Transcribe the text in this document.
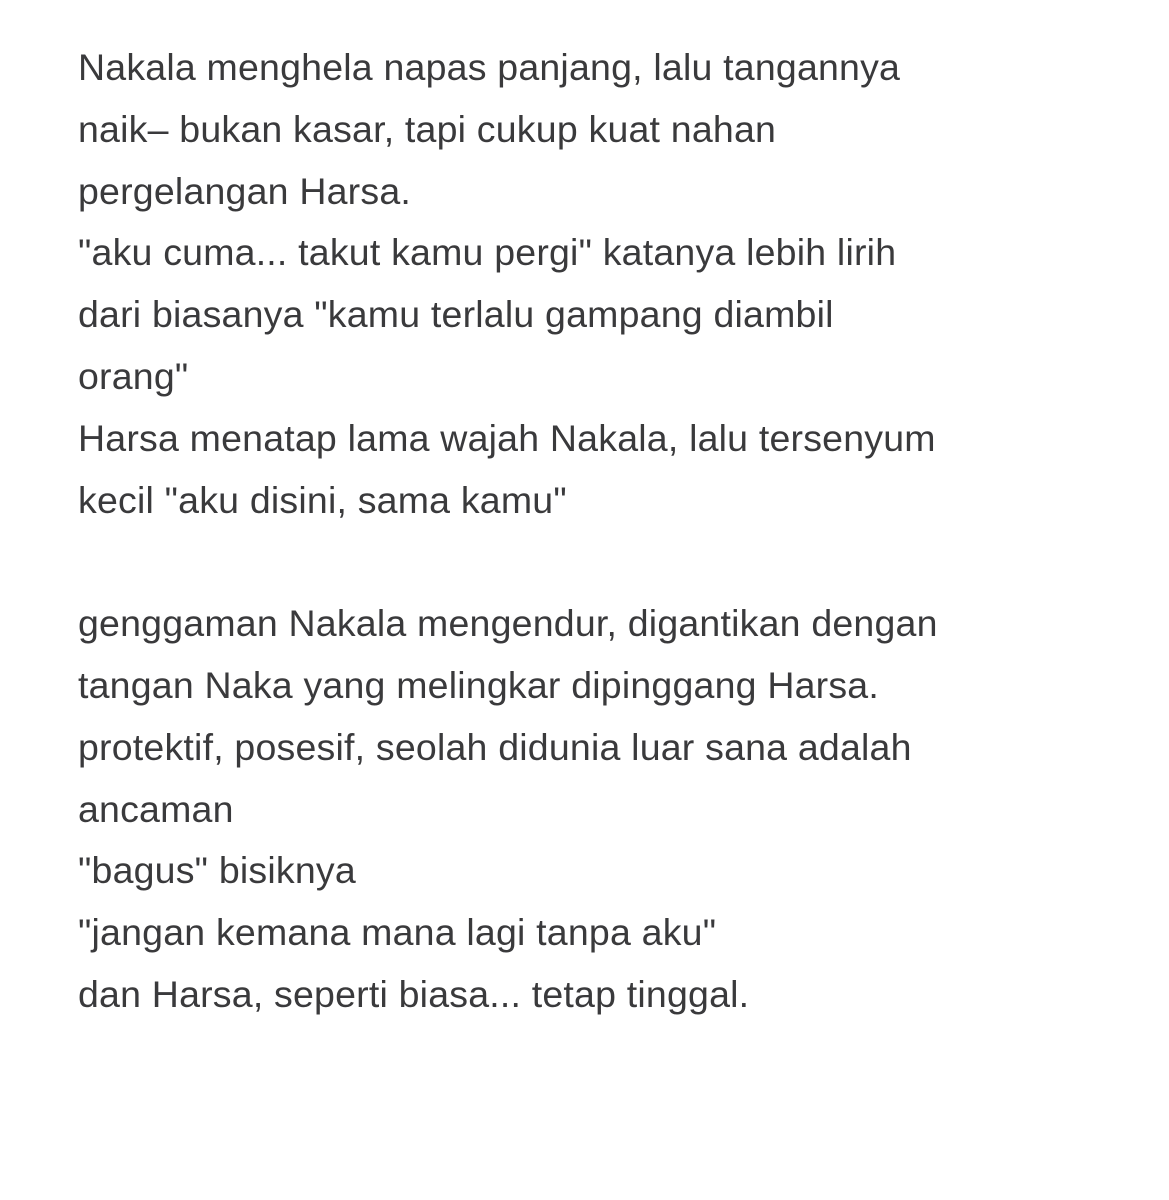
Nakala menghela napas panjang, lalu tangannya
naik– bukan kasar, tapi cukup kuat nahan
pergelangan Harsa.
"aku cuma... takut kamu pergi" katanya lebih lirih
dari biasanya "kamu terlalu gampang diambil
orang"
Harsa menatap lama wajah Nakala, lalu tersenyum
kecil "aku disini, sama kamu"
genggaman Nakala mengendur, digantikan dengan
tangan Naka yang melingkar dipinggang Harsa.
protektif, posesif, seolah didunia luar sana adalah
ancaman
"bagus" bisiknya
"jangan kemana mana lagi tanpa aku"
dan Harsa, seperti biasa... tetap tinggal.
